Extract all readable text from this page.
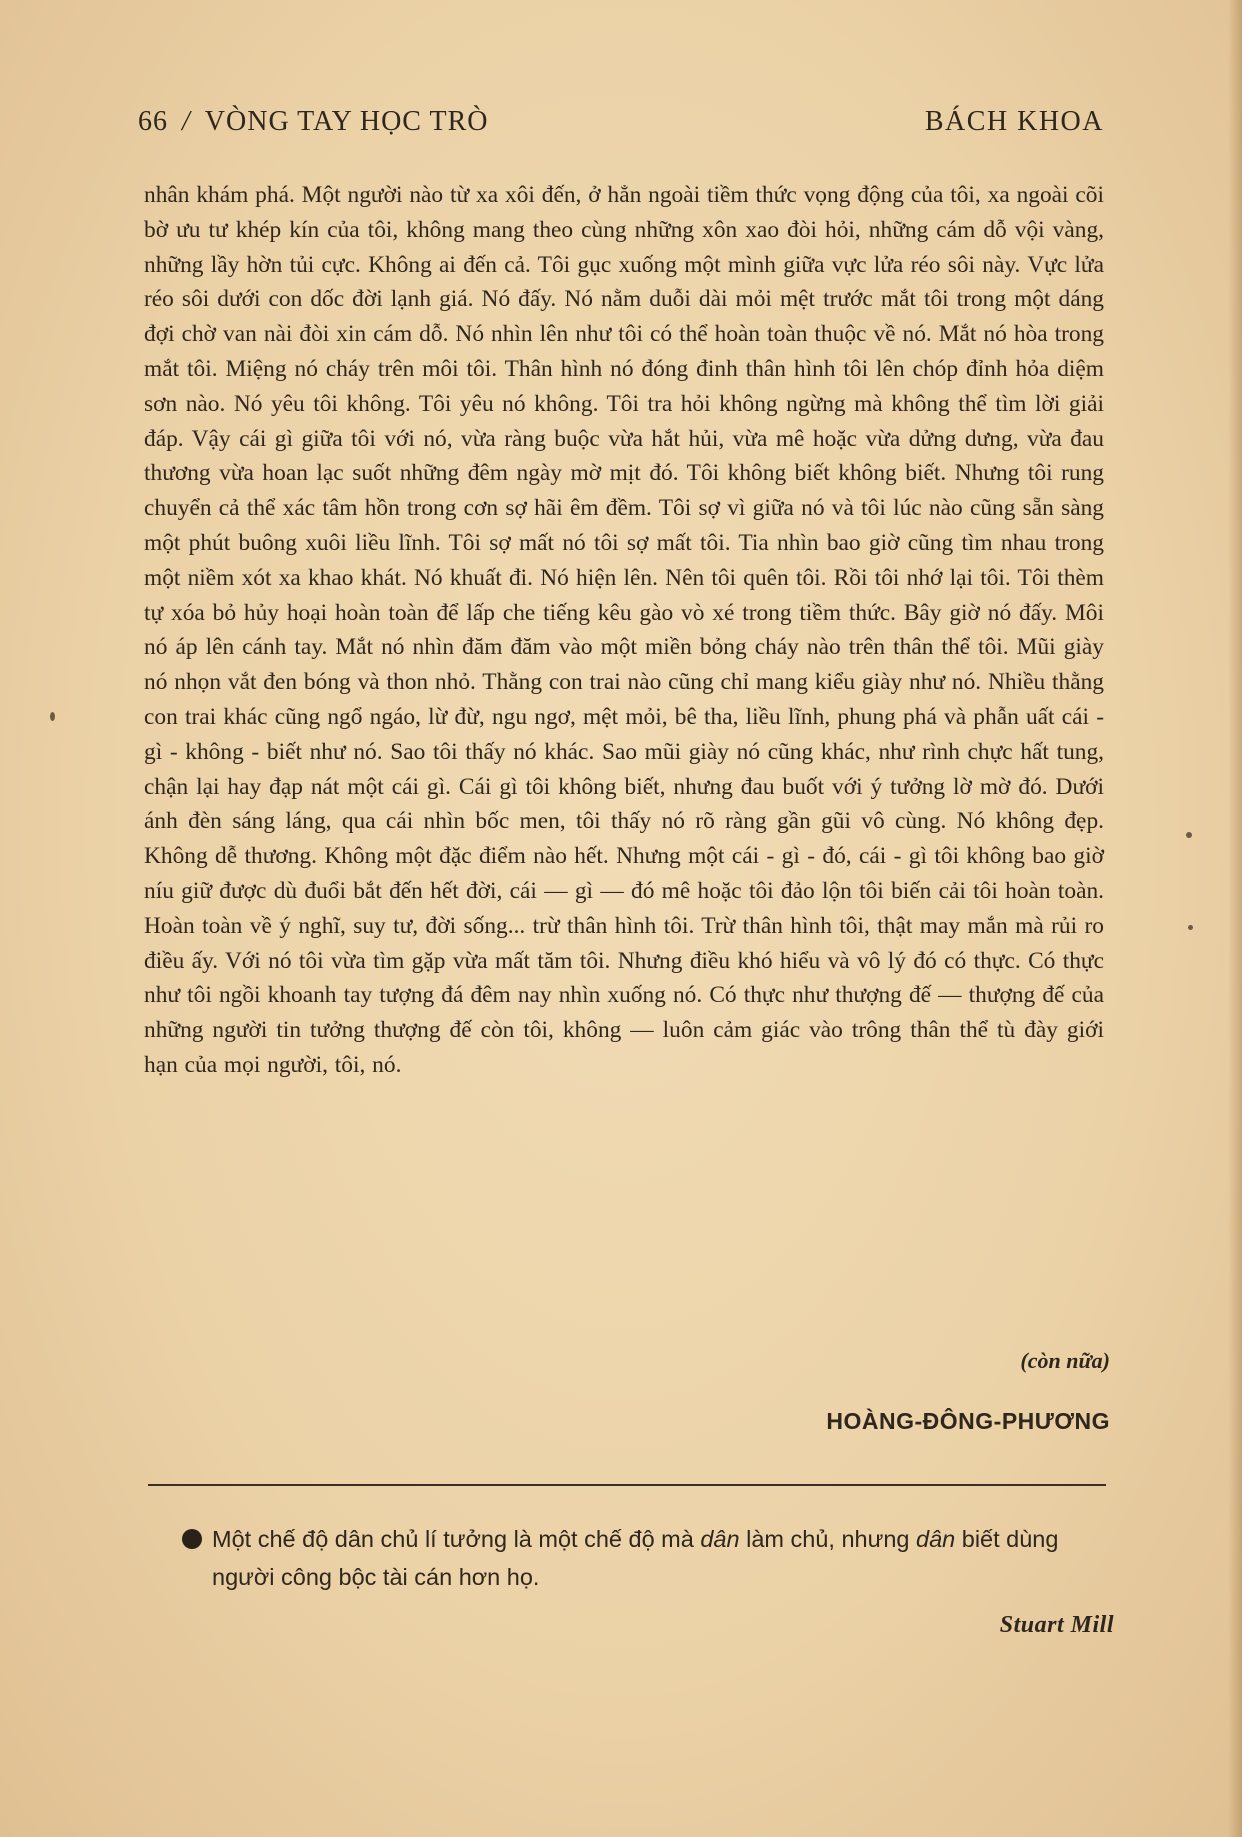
66 / VÒNG TAY HỌC TRÒ	BÁCH KHOA
nhân khám phá. Một người nào từ xa xôi đến, ở hẳn ngoài tiềm thức vọng động của tôi, xa ngoài cõi bờ ưu tư khép kín của tôi, không mang theo cùng những xôn xao đòi hỏi, những cám dỗ vội vàng, những lầy hờn tủi cực. Không ai đến cả. Tôi gục xuống một mình giữa vực lửa réo sôi này. Vực lửa réo sôi dưới con dốc đời lạnh giá. Nó đấy. Nó nằm duỗi dài mỏi mệt trước mắt tôi trong một dáng đợi chờ van nài đòi xin cám dỗ. Nó nhìn lên như tôi có thể hoàn toàn thuộc về nó. Mắt nó hòa trong mắt tôi. Miệng nó cháy trên môi tôi. Thân hình nó đóng đinh thân hình tôi lên chóp đỉnh hỏa diệm sơn nào. Nó yêu tôi không. Tôi yêu nó không. Tôi tra hỏi không ngừng mà không thể tìm lời giải đáp. Vậy cái gì giữa tôi với nó, vừa ràng buộc vừa hắt hủi, vừa mê hoặc vừa dửng dưng, vừa đau thương vừa hoan lạc suốt những đêm ngày mờ mịt đó. Tôi không biết không biết. Nhưng tôi rung chuyển cả thể xác tâm hồn trong cơn sợ hãi êm đềm. Tôi sợ vì giữa nó và tôi lúc nào cũng sẵn sàng một phút buông xuôi liều lĩnh. Tôi sợ mất nó tôi sợ mất tôi. Tia nhìn bao giờ cũng tìm nhau trong một niềm xót xa khao khát. Nó khuất đi. Nó hiện lên. Nên tôi quên tôi. Rồi tôi nhớ lại tôi. Tôi thèm tự xóa bỏ hủy hoại hoàn toàn để lấp che tiếng kêu gào vò xé trong tiềm thức. Bây giờ nó đấy. Môi nó áp lên cánh tay. Mắt nó nhìn đăm đăm vào một miền bỏng cháy nào trên thân thể tôi. Mũi giày nó nhọn vắt đen bóng và thon nhỏ. Thằng con trai nào cũng chỉ mang kiểu giày như nó. Nhiều thằng con trai khác cũng ngổ ngáo, lừ đừ, ngu ngơ, mệt mỏi, bê tha, liều lĩnh, phung phá và phẫn uất cái - gì - không - biết như nó. Sao tôi thấy nó khác. Sao mũi giày nó cũng khác, như rình chực hất tung, chận lại hay đạp nát một cái gì. Cái gì tôi không biết, nhưng đau buốt với ý tưởng lờ mờ đó. Dưới ánh đèn sáng láng, qua cái nhìn bốc men, tôi thấy nó rõ ràng gần gũi vô cùng. Nó không đẹp. Không dễ thương. Không một đặc điểm nào hết. Nhưng một cái - gì - đó, cái - gì tôi không bao giờ níu giữ được dù đuổi bắt đến hết đời, cái — gì — đó mê hoặc tôi đảo lộn tôi biến cải tôi hoàn toàn. Hoàn toàn về ý nghĩ, suy tư, đời sống... trừ thân hình tôi. Trừ thân hình tôi, thật may mắn mà rủi ro điều ấy. Với nó tôi vừa tìm gặp vừa mất tăm tôi. Nhưng điều khó hiểu và vô lý đó có thực. Có thực như tôi ngồi khoanh tay tượng đá đêm nay nhìn xuống nó. Có thực như thượng đế — thượng đế của những người tin tưởng thượng đế còn tôi, không — luôn cảm giác vào trông thân thể tù đày giới hạn của mọi người, tôi, nó.
(còn nữa)
HOÀNG-ĐÔNG-PHƯƠNG
Một chế độ dân chủ lí tưởng là một chế độ mà dân làm chủ, nhưng dân biết dùng người công bộc tài cán hơn họ.
Stuart Mill
